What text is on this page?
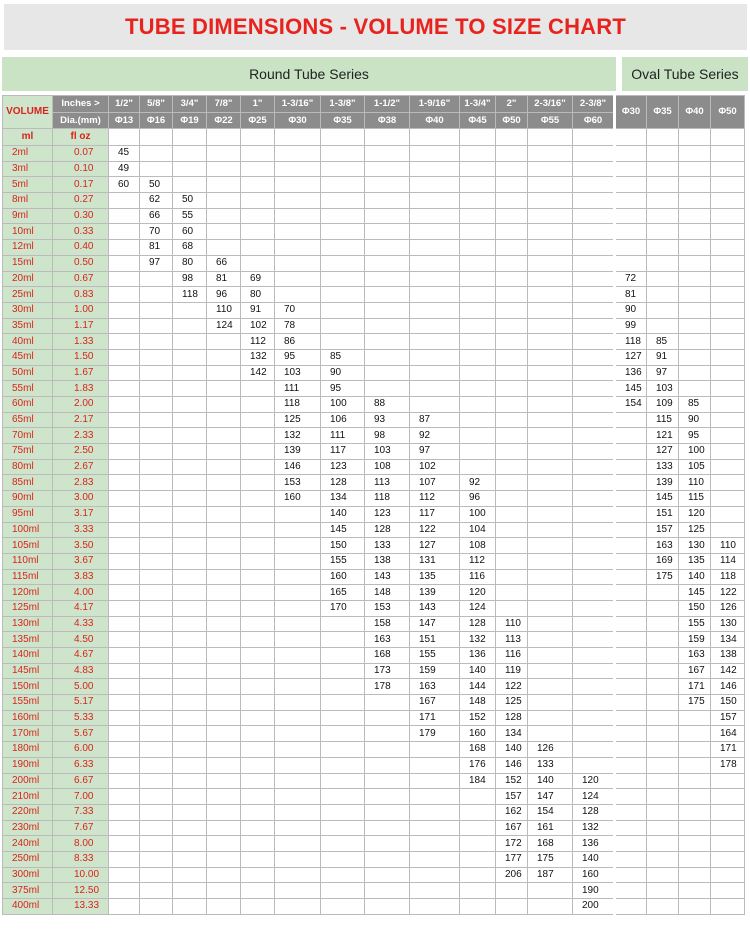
TUBE DIMENSIONS - VOLUME TO SIZE CHART
Round Tube Series	Oval Tube Series
VOLUME	Inches >	1/2"	5/8"	3/4"	7/8"	1"	1-3/16"	1-3/8"	1-1/2"	1-9/16"	1-3/4"	2"	2-3/16"	2-3/8"	Φ30	Φ35	Φ40	Φ50
	Dia.(mm)	Φ13	Φ16	Φ19	Φ22	Φ25	Φ30	Φ35	Φ38	Φ40	Φ45	Φ50	Φ55	Φ60				
ml	fl oz																	
2ml	0.07	45																
3ml	0.10	49																
5ml	0.17	60	50															
8ml	0.27		62	50														
9ml	0.30		66	55														
10ml	0.33		70	60														
12ml	0.40		81	68														
15ml	0.50		97	80	66													
20ml	0.67			98	81	69									72			
25ml	0.83			118	96	80									81			
30ml	1.00				110	91	70								90			
35ml	1.17				124	102	78								99			
40ml	1.33					112	86								118	85		
45ml	1.50					132	95	85							127	91		
50ml	1.67					142	103	90							136	97		
55ml	1.83						111	95							145	103		
60ml	2.00						118	100	88						154	109	85	
65ml	2.17						125	106	93	87						115	90	
70ml	2.33						132	111	98	92						121	95	
75ml	2.50						139	117	103	97						127	100	
80ml	2.67						146	123	108	102						133	105	
85ml	2.83						153	128	113	107	92					139	110	
90ml	3.00						160	134	118	112	96					145	115	
95ml	3.17							140	123	117	100					151	120	
100ml	3.33							145	128	122	104					157	125	
105ml	3.50							150	133	127	108					163	130	110
110ml	3.67							155	138	131	112					169	135	114
115ml	3.83							160	143	135	116					175	140	118
120ml	4.00							165	148	139	120						145	122
125ml	4.17							170	153	143	124						150	126
130ml	4.33								158	147	128	110					155	130
135ml	4.50								163	151	132	113					159	134
140ml	4.67								168	155	136	116					163	138
145ml	4.83								173	159	140	119					167	142
150ml	5.00								178	163	144	122					171	146
155ml	5.17									167	148	125					175	150
160ml	5.33									171	152	128						157
170ml	5.67									179	160	134						164
180ml	6.00										168	140	126					171
190ml	6.33										176	146	133					178
200ml	6.67										184	152	140	120				
210ml	7.00											157	147	124				
220ml	7.33											162	154	128				
230ml	7.67											167	161	132				
240ml	8.00											172	168	136				
250ml	8.33											177	175	140				
300ml	10.00											206	187	160				
375ml	12.50													190				
400ml	13.33													200				
